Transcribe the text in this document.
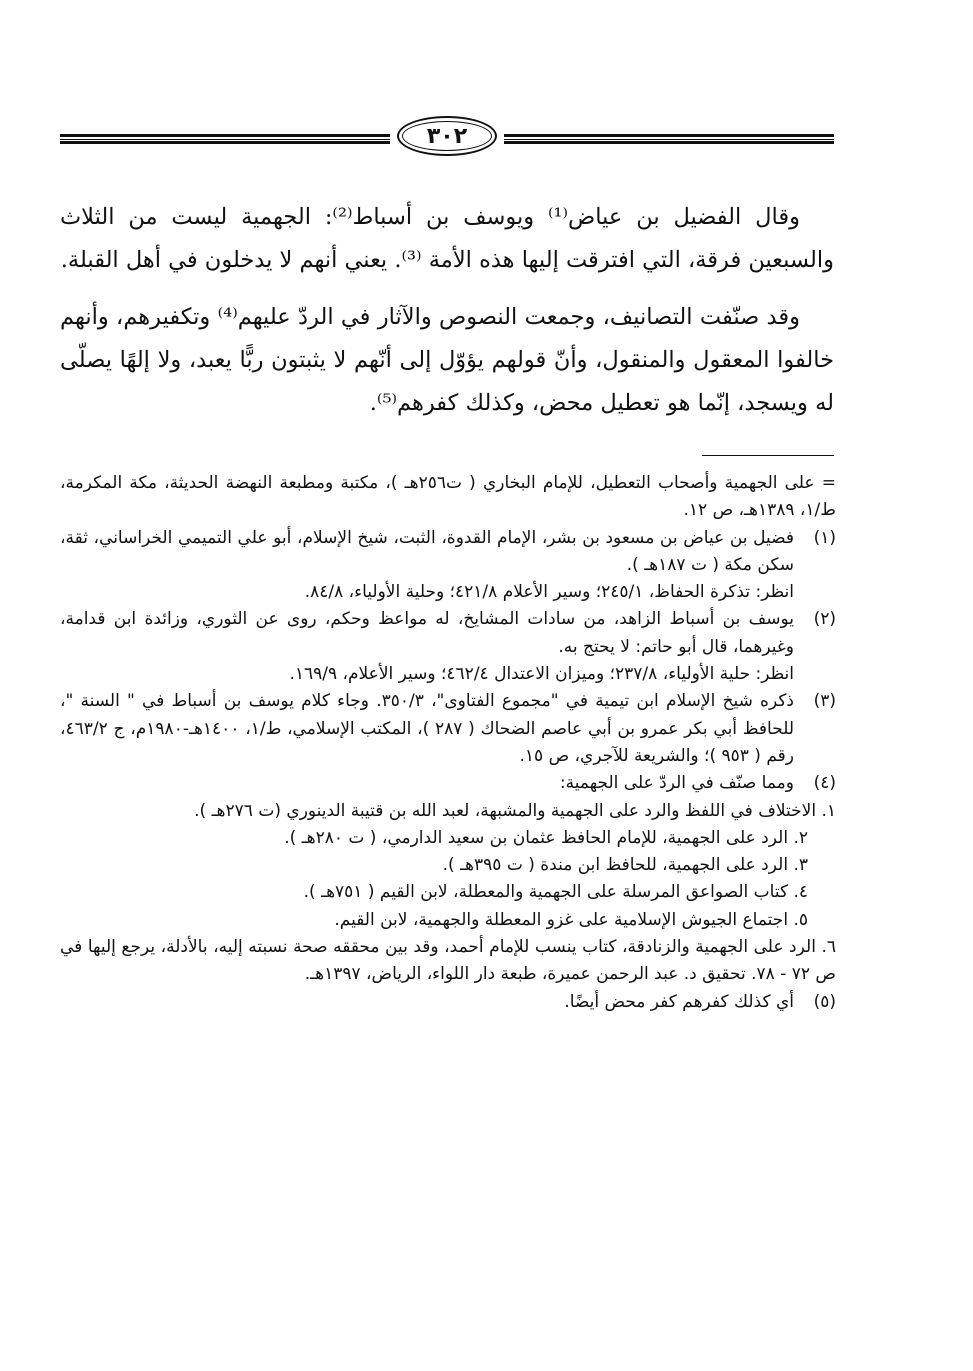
٣٠٢

وقال الفضيل بن عياض⁽¹⁾ ويوسف بن أسباط⁽²⁾: الجهمية ليست من الثلاث والسبعين فرقة، التي افترقت إليها هذه الأمة ⁽³⁾. يعني أنهم لا يدخلون في أهل القبلة.

وقد صنّفت التصانيف، وجمعت النصوص والآثار في الردّ عليهم⁽⁴⁾ وتكفيرهم، وأنهم خالفوا المعقول والمنقول، وأنّ قولهم يؤوّل إلى أنّهم لا يثبتون ربًّا يعبد، ولا إلهًا يصلّى له ويسجد، إنّما هو تعطيل محض، وكذلك كفرهم⁽⁵⁾.

= على الجهمية وأصحاب التعطيل، للإمام البخاري ( ت٢٥٦هـ )، مكتبة ومطبعة النهضة الحديثة، مكة المكرمة، ط/١، ١٣٨٩هـ، ص ١٢.
(١)
فضيل بن عياض بن مسعود بن بشر، الإمام القدوة، الثبت، شيخ الإسلام، أبو علي التميمي الخراساني، ثقة، سكن مكة ( ت ١٨٧هـ ).
انظر: تذكرة الحفاظ، ٢٤٥/١؛ وسير الأعلام ٤٢١/٨؛ وحلية الأولياء، ٨٤/٨.
(٢)
يوسف بن أسباط الزاهد، من سادات المشايخ، له مواعظ وحكم، روى عن الثوري، وزائدة ابن قدامة، وغيرهما، قال أبو حاتم: لا يحتج به.
انظر: حلية الأولياء، ٢٣٧/٨؛ وميزان الاعتدال ٤٦٢/٤؛ وسير الأعلام، ١٦٩/٩.
(٣)
ذكره شيخ الإسلام ابن تيمية في "مجموع الفتاوى"، ٣٥٠/٣. وجاء كلام يوسف بن أسباط في " السنة "، للحافظ أبي بكر عمرو بن أبي عاصم الضحاك ( ٢٨٧ )، المكتب الإسلامي، ط/١، ١٤٠٠هـ-١٩٨٠م، ج ٤٦٣/٢، رقم ( ٩٥٣ )؛ والشريعة للآجري، ص ١٥.
(٤)
ومما صنّف في الردّ على الجهمية:
١. الاختلاف في اللفظ والرد على الجهمية والمشبهة، لعبد الله بن قتيبة الدينوري (ت ٢٧٦هـ ).
٢. الرد على الجهمية، للإمام الحافظ عثمان بن سعيد الدارمي، ( ت ٢٨٠هـ ).
٣. الرد على الجهمية، للحافظ ابن مندة ( ت ٣٩٥هـ ).
٤. كتاب الصواعق المرسلة على الجهمية والمعطلة، لابن القيم ( ٧٥١هـ ).
٥. اجتماع الجيوش الإسلامية على غزو المعطلة والجهمية، لابن القيم.
٦. الرد على الجهمية والزنادقة، كتاب ينسب للإمام أحمد، وقد بين محققه صحة نسبته إليه، بالأدلة، يرجع إليها في ص ٧٢ - ٧٨. تحقيق د. عبد الرحمن عميرة، طبعة دار اللواء، الرياض، ١٣٩٧هـ.
(٥)
أي كذلك كفرهم كفر محض أيضًا.
